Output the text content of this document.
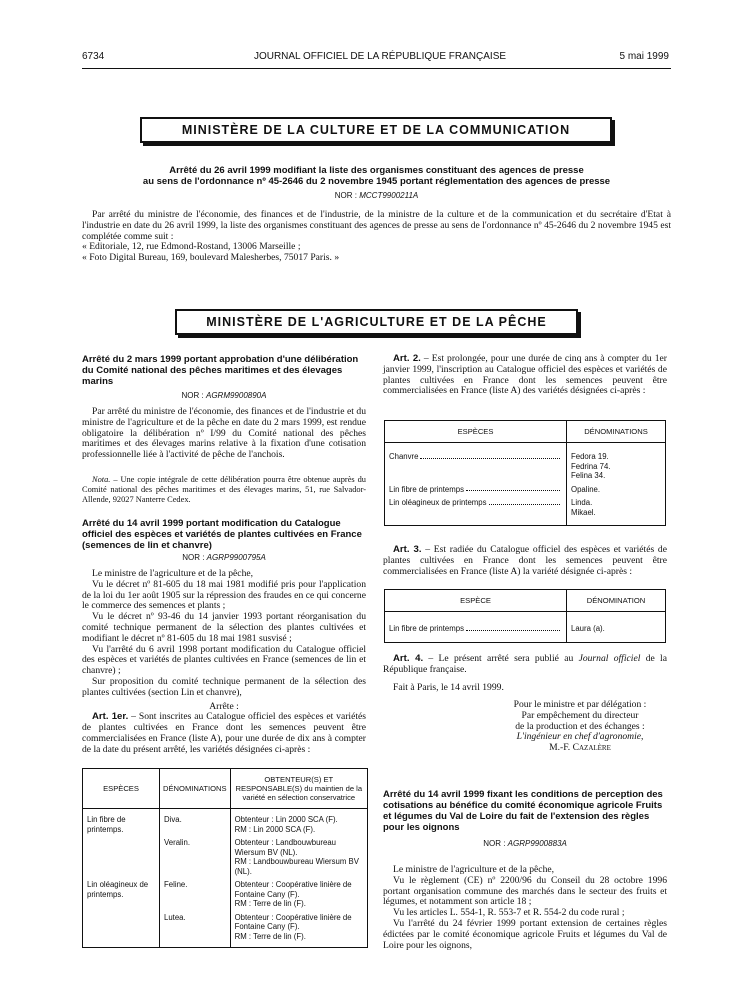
6734	JOURNAL OFFICIEL DE LA RÉPUBLIQUE FRANÇAISE	5 mai 1999
MINISTÈRE DE LA CULTURE ET DE LA COMMUNICATION
Arrêté du 26 avril 1999 modifiant la liste des organismes constituant des agences de presse
au sens de l'ordonnance nº 45-2646 du 2 novembre 1945 portant réglementation des agences de presse
NOR : MCCT9900211A

Par arrêté du ministre de l'économie, des finances et de l'industrie, de la ministre de la culture et de la communication et du secrétaire d'Etat à l'industrie en date du 26 avril 1999, la liste des organismes constituant des agences de presse au sens de l'ordonnance nº 45-2646 du 2 novembre 1945 est complétée comme suit :

« Editoriale, 12, rue Edmond-Rostand, 13006 Marseille ;

« Foto Digital Bureau, 169, boulevard Malesherbes, 75017 Paris. »

MINISTÈRE DE L'AGRICULTURE ET DE LA PÊCHE
Arrêté du 2 mars 1999 portant approbation d'une délibération du Comité national des pêches maritimes et des élevages marins
NOR : AGRM9900890A

Par arrêté du ministre de l'économie, des finances et de l'industrie et du ministre de l'agriculture et de la pêche en date du 2 mars 1999, est rendue obligatoire la délibération nº I/99 du Comité national des pêches maritimes et des élevages marins relative à la fixation d'une cotisation professionnelle liée à l'activité de pêche de l'anchois.

Nota. – Une copie intégrale de cette délibération pourra être obtenue auprès du Comité national des pêches maritimes et des élevages marins, 51, rue Salvador-Allende, 92027 Nanterre Cedex.
Arrêté du 14 avril 1999 portant modification du Catalogue officiel des espèces et variétés de plantes cultivées en France (semences de lin et chanvre)
NOR : AGRP9900795A

Le ministre de l'agriculture et de la pêche,

Vu le décret nº 81-605 du 18 mai 1981 modifié pris pour l'application de la loi du 1er août 1905 sur la répression des fraudes en ce qui concerne le commerce des semences et plants ;

Vu le décret nº 93-46 du 14 janvier 1993 portant réorganisation du comité technique permanent de la sélection des plantes cultivées et modifiant le décret nº 81-605 du 18 mai 1981 susvisé ;

Vu l'arrêté du 6 avril 1998 portant modification du Catalogue officiel des espèces et variétés de plantes cultivées en France (semences de lin et chanvre) ;

Sur proposition du comité technique permanent de la sélection des plantes cultivées (section Lin et chanvre),

Arrête :

Art. 1er. – Sont inscrites au Catalogue officiel des espèces et variétés de plantes cultivées en France dont les semences peuvent être commercialisées en France (liste A), pour une durée de dix ans à compter de la date du présent arrêté, les variétés désignées ci-après :

ESPÈCES	DÉNOMINATIONS	OBTENTEUR(S) ET RESPONSABLE(S) du maintien de la variété en sélection conservatrice
Lin fibre de printemps.	Diva.	Obtenteur : Lin 2000 SCA (F).
RM : Lin 2000 SCA (F).

	Veralin.	Obtenteur : Landbouwbureau Wiersum BV (NL).
RM : Landbouwbureau Wiersum BV (NL).

Lin oléagineux de printemps.	Feline.	Obtenteur : Coopérative linière de Fontaine Cany (F).
RM : Terre de lin (F).

	Lutea.	Obtenteur : Coopérative linière de Fontaine Cany (F).
RM : Terre de lin (F).

Art. 2. – Est prolongée, pour une durée de cinq ans à compter du 1er janvier 1999, l'inscription au Catalogue officiel des espèces et variétés de plantes cultivées en France dont les semences peuvent être commercialisées en France (liste A) des variétés désignées ci-après :

ESPÈCES	DÉNOMINATIONS

Chanvre	Fedora 19.
Fedrina 74.
Felina 34.

Lin fibre de printemps	Opaline.

Lin oléagineux de printemps	Linda.
Mikael.

Art. 3. – Est radiée du Catalogue officiel des espèces et variétés de plantes cultivées en France dont les semences peuvent être commercialisées en France (liste A) la variété désignée ci-après :

ESPÈCE	DÉNOMINATION

Lin fibre de printemps	Laura (a).

Art. 4. – Le présent arrêté sera publié au Journal officiel de la République française.

Fait à Paris, le 14 avril 1999.

Pour le ministre et par délégation :
Par empêchement du directeur
de la production et des échanges :
L'ingénieur en chef d'agronomie,
M.-F. Cazalère
Arrêté du 14 avril 1999 fixant les conditions de perception des cotisations au bénéfice du comité économique agricole Fruits et légumes du Val de Loire du fait de l'extension des règles pour les oignons
NOR : AGRP9900883A

Le ministre de l'agriculture et de la pêche,

Vu le règlement (CE) nº 2200/96 du Conseil du 28 octobre 1996 portant organisation commune des marchés dans le secteur des fruits et légumes, et notamment son article 18 ;

Vu les articles L. 554-1, R. 553-7 et R. 554-2 du code rural ;

Vu l'arrêté du 24 février 1999 portant extension de certaines règles édictées par le comité économique agricole Fruits et légumes du Val de Loire pour les oignons,
